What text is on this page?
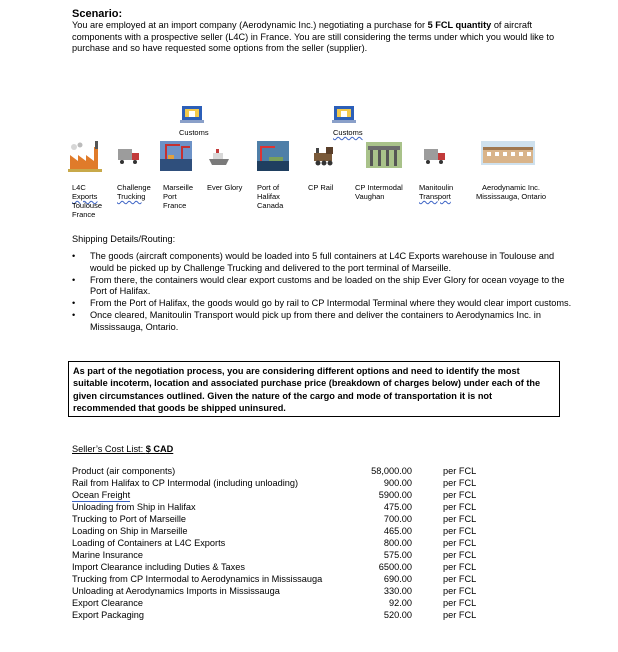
Scenario:
You are employed at an import company (Aerodynamic Inc.) negotiating a purchase for 5 FCL quantity of aircraft components with a prospective seller (L4C) in France. You are still considering the terms under which you would like to purchase and so have requested some options from the seller (supplier).
Customs	Customs
L4C
Exports
Toulouse
France
Challenge
Trucking
Marseille
Port
France
Ever Glory Port of
Halifax
Canada
CP Rail	CP Intermodal
Vaughan
Manitoulin
Transport
Aerodynamic Inc.
Mississauga, Ontario
Shipping Details/Routing:
• The goods (aircraft components) would be loaded into 5 full containers at L4C Exports warehouse in Toulouse and would be picked up by Challenge Trucking and delivered to the port terminal of Marseille.
• From there, the containers would clear export customs and be loaded on the ship Ever Glory for ocean voyage to the Port of Halifax.
• From the Port of Halifax, the goods would go by rail to CP Intermodal Terminal where they would clear import customs.
• Once cleared, Manitoulin Transport would pick up from there and deliver the containers to Aerodynamics Inc. in Mississauga, Ontario.
As part of the negotiation process, you are considering different options and need to identify the most suitable incoterm, location and associated purchase price (breakdown of charges below) under each of the given circumstances outlined. Given the nature of the cargo and mode of transportation it is not recommended that goods be shipped uninsured.
Seller’s Cost List: $ CAD
Product (air components)	58,000.00	per FCL
Rail from Halifax to CP Intermodal (including unloading)	900.00	per FCL
Ocean Freight	5900.00	per FCL
Unloading from Ship in Halifax	475.00	per FCL
Trucking to Port of Marseille	700.00	per FCL
Loading on Ship in Marseille	465.00	per FCL
Loading of Containers at L4C Exports	800.00	per FCL
Marine Insurance	575.00	per FCL
Import Clearance including Duties & Taxes	6500.00	per FCL
Trucking from CP Intermodal to Aerodynamics in Mississauga	690.00	per FCL
Unloading at Aerodynamics Imports in Mississauga	330.00	per FCL
Export Clearance	92.00	per FCL
Export Packaging	520.00	per FCL
